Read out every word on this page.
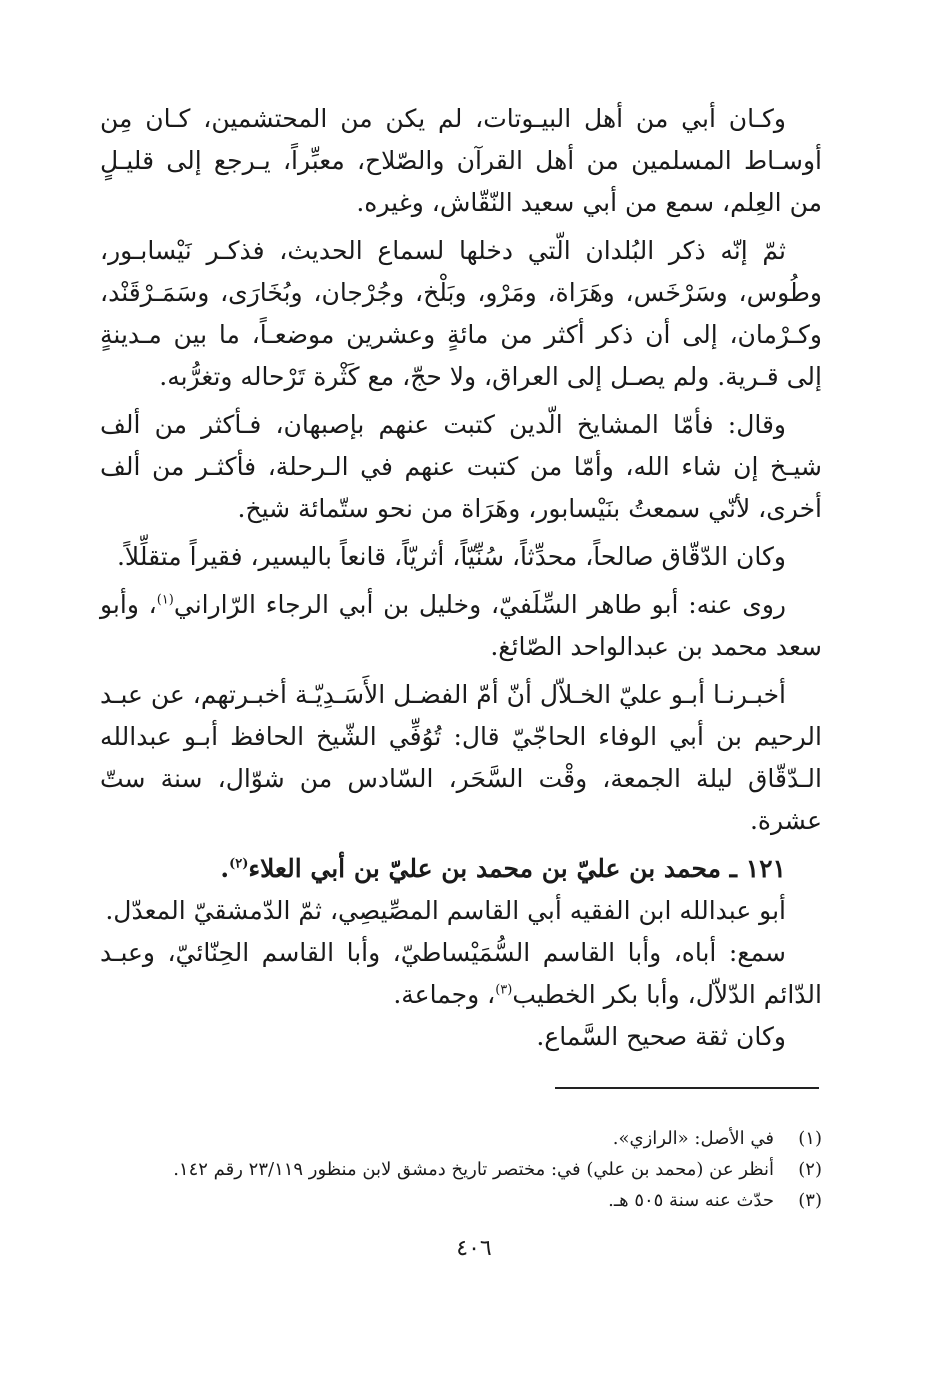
وكـان أبي من أهل البيـوتات، لم يكن من المحتشمين، كـان مِن أوسـاط المسلمين من أهل القرآن والصّلاح، معبِّراً، يـرجع إلى قليـلٍ من العِلم، سمع من أبي سعيد النّقّاش، وغيره.

ثمّ إنّه ذكر البُلدان الّتي دخلها لسماع الحديث، فذكـر نَيْسابـور، وطُوس، وسَرْخَس، وهَرَاة، ومَرْو، وبَلْخ، وجُرْجان، وبُخَارَى، وسَمَـرْقَنْد، وكـرْمان، إلى أن ذكر أكثر من مائةٍ وعشرين موضعـاً، ما بين مـدينةٍ إلى قـرية. ولم يصـل إلى العراق، ولا حجّ، مع كَثْرة تَرْحاله وتغرُّبه.

وقال: فأمّا المشايخ الّدين كتبت عنهم بإصبهان، فـأكثر من ألف شيـخ إن شاء الله، وأمّا من كتبت عنهم في الـرحلة، فأكثـر من ألف أخرى، لأنّي سمعتُ بنَيْسابور، وهَرَاة من نحو ستّمائة شيخ.

وكان الدّقّاق صالحاً، محدِّثاً، سُنِّيّاً، أثريّاً، قانعاً باليسير، فقيراً متقلِّلاً.

روى عنه: أبو طاهر السِّلَفيّ، وخليل بن أبي الرجاء الرّاراني$^{(١)}$، وأبو سعد محمد بن عبدالواحد الصّائغ.

أخبـرنـا أبـو عليّ الخـلاّل أنّ أمّ الفضـل الأَسَـدِيّـة أخبـرتهم، عن عبـد الرحيم بن أبي الوفاء الحاجّيّ قال: تُوُفِّي الشّيخ الحافظ أبـو عبدالله الـدّقّاق ليلة الجمعة، وقْت السَّحَر، السّادس من شوّال، سنة ستّ عشرة.

١٢١ ـ محمد بن عليّ بن محمد بن عليّ بن أبي العلاء$^{(٢)}$.

أبو عبدالله ابن الفقيه أبي القاسم المصِّيصِي، ثمّ الدّمشقيّ المعدّل.

سمع: أباه، وأبا القاسم السُّمَيْساطيّ، وأبا القاسم الحِنّائيّ، وعبـد الدّائم الدّلاّل، وأبا بكر الخطيب$^{(٣)}$، وجماعة.

وكان ثقة صحيح السَّماع.

(١)
في الأصل: «الرازي».
(٢)
أنظر عن (محمد بن علي) في: مختصر تاريخ دمشق لابن منظور ٢٣/١١٩ رقم ١٤٢.
(٣)
حدّث عنه سنة ٥٠٥ هـ.
٤٠٦
